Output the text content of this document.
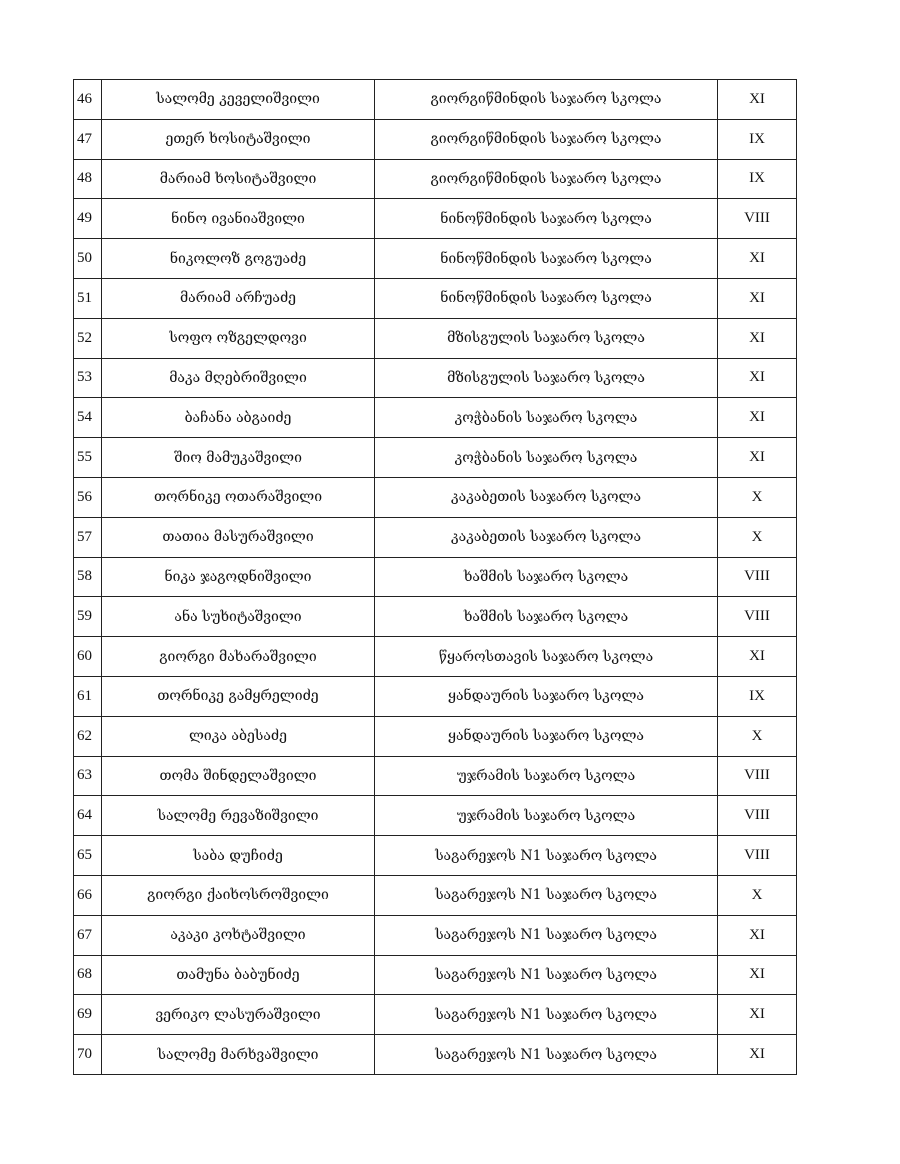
46	სალომე კეველიშვილი	გიორგიწმინდის საჯარო სკოლა	XI
47	ეთერ ხოსიტაშვილი	გიორგიწმინდის საჯარო სკოლა	IX
48	მარიამ ხოსიტაშვილი	გიორგიწმინდის საჯარო სკოლა	IX
49	ნინო ივანიაშვილი	ნინოწმინდის საჯარო სკოლა	VIII
50	ნიკოლოზ გოგუაძე	ნინოწმინდის საჯარო სკოლა	XI
51	მარიამ არჩუაძე	ნინოწმინდის საჯარო სკოლა	XI
52	სოფო ოზგელდოვი	მზისგულის საჯარო სკოლა	XI
53	მაკა მღებრიშვილი	მზისგულის საჯარო სკოლა	XI
54	ბაჩანა აბგაიძე	კოჭბანის საჯარო სკოლა	XI
55	შიო მამუკაშვილი	კოჭბანის საჯარო სკოლა	XI
56	თორნიკე ოთარაშვილი	კაკაბეთის საჯარო სკოლა	X
57	თათია მასურაშვილი	კაკაბეთის საჯარო სკოლა	X
58	ნიკა ჯაგოდნიშვილი	ხაშმის საჯარო სკოლა	VIII
59	ანა სუხიტაშვილი	ხაშმის საჯარო სკოლა	VIII
60	გიორგი მახარაშვილი	წყაროსთავის საჯარო სკოლა	XI
61	თორნიკე გამყრელიძე	ყანდაურის საჯარო სკოლა	IX
62	ლიკა აბესაძე	ყანდაურის საჯარო სკოლა	X
63	თომა შინდელაშვილი	უჯრამის საჯარო სკოლა	VIII
64	სალომე რევაზიშვილი	უჯრამის საჯარო სკოლა	VIII
65	საბა დუჩიძე	საგარეჯოს N1 საჯარო სკოლა	VIII
66	გიორგი ქაიხოსროშვილი	საგარეჯოს N1 საჯარო სკოლა	X
67	აკაკი კოხტაშვილი	საგარეჯოს N1 საჯარო სკოლა	XI
68	თამუნა ბაბუნიძე	საგარეჯოს N1 საჯარო სკოლა	XI
69	ვერიკო ლასურაშვილი	საგარეჯოს N1 საჯარო სკოლა	XI
70	სალომე მარხვაშვილი	საგარეჯოს N1 საჯარო სკოლა	XI
